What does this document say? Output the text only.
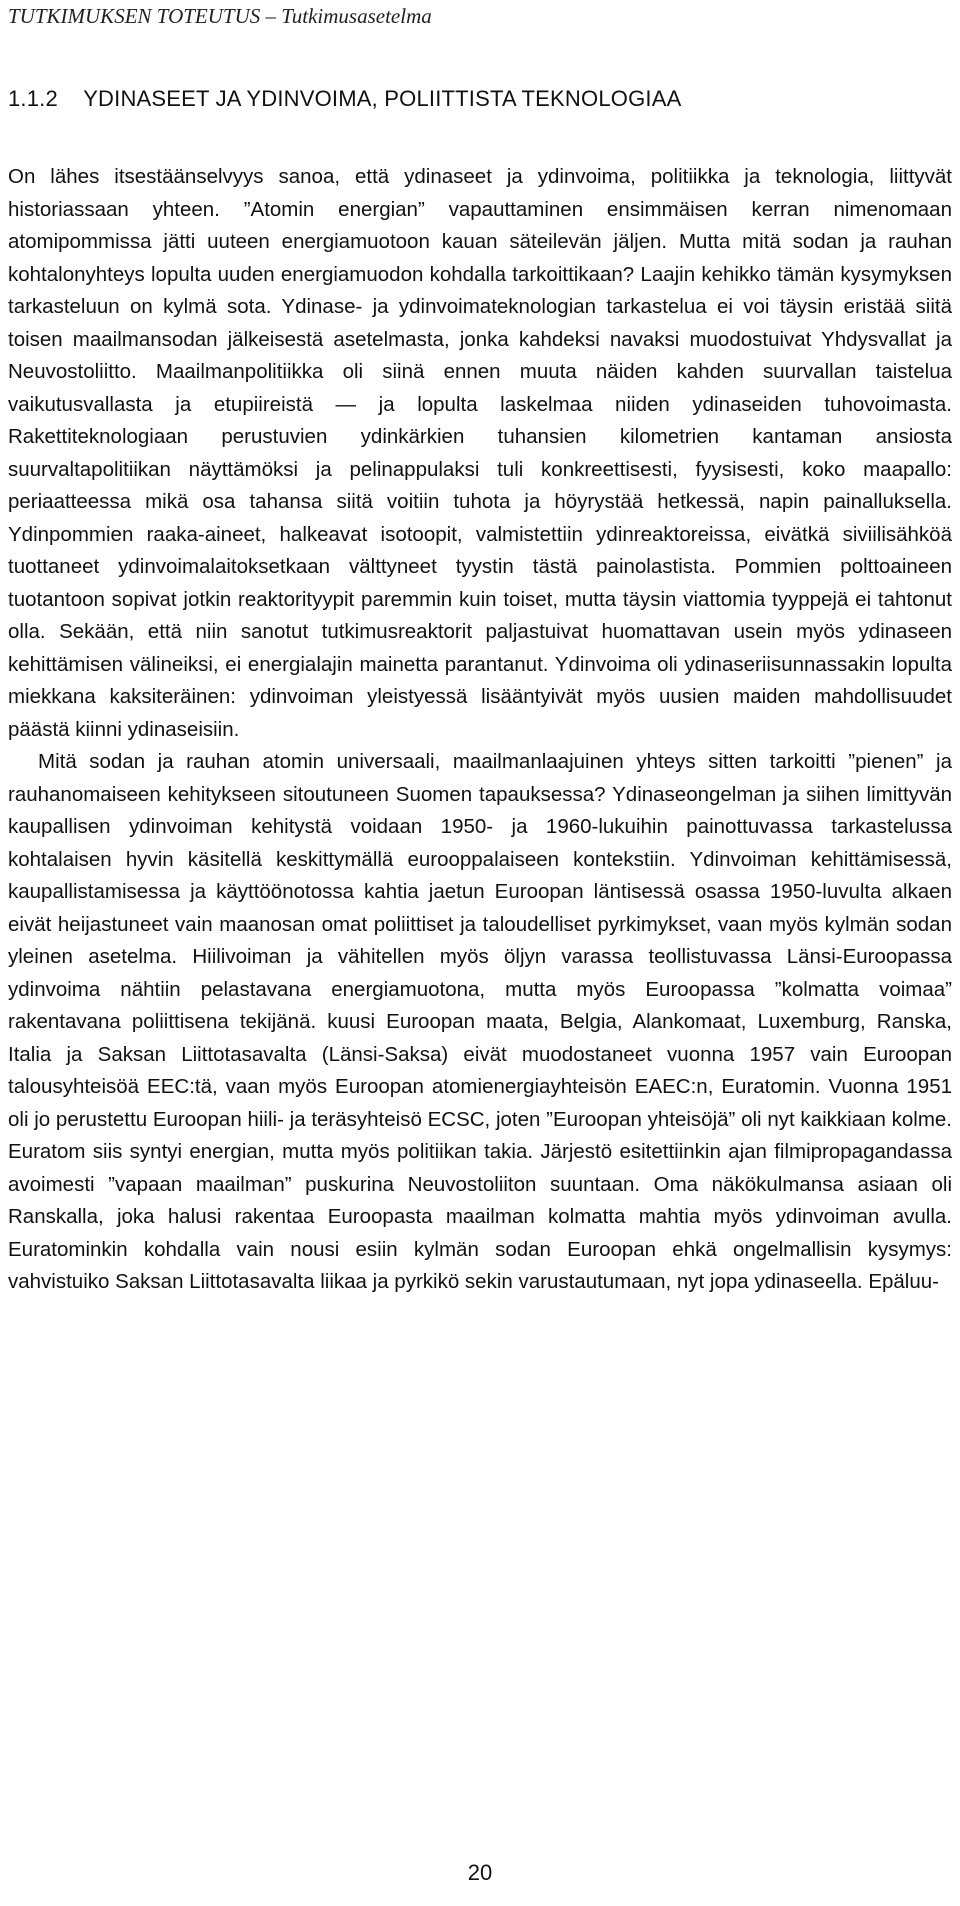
TUTKIMUKSEN TOTEUTUS – Tutkimusasetelma
1.1.2 YDINASEET JA YDINVOIMA, POLIITTISTA TEKNOLOGIAA

On lähes itsestäänselvyys sanoa, että ydinaseet ja ydinvoima, politiikka ja teknologia, liittyvät historiassaan yhteen. ”Atomin energian” vapauttaminen ensimmäisen kerran nimenomaan atomipommissa jätti uuteen energiamuotoon kauan säteilevän jäljen. Mutta mitä sodan ja rauhan kohtalonyhteys lopulta uuden energiamuodon kohdalla tarkoittikaan? Laajin kehikko tämän kysymyksen tarkasteluun on kylmä sota. Ydinase- ja ydinvoimateknologian tarkastelua ei voi täysin eristää siitä toisen maailmansodan jälkeisestä asetelmasta, jonka kahdeksi navaksi muodostuivat Yhdysvallat ja Neuvostoliitto. Maailmanpolitiikka oli siinä ennen muuta näiden kahden suurvallan taistelua vaikutusvallasta ja etupiireistä — ja lopulta laskelmaa niiden ydinaseiden tuhovoimasta. Rakettiteknologiaan perustuvien ydinkärkien tuhansien kilometrien kantaman ansiosta suurvaltapolitiikan näyttämöksi ja pelinappulaksi tuli konkreettisesti, fyysisesti, koko maapallo: periaatteessa mikä osa tahansa siitä voitiin tuhota ja höyrystää hetkessä, napin painalluksella. Ydinpommien raaka-aineet, halkeavat isotoopit, valmistettiin ydinreaktoreissa, eivätkä siviilisähköä tuottaneet ydinvoimalaitoksetkaan välttyneet tyystin tästä painolastista. Pommien polttoaineen tuotantoon sopivat jotkin reaktorityypit paremmin kuin toiset, mutta täysin viattomia tyyppejä ei tahtonut olla. Sekään, että niin sanotut tutkimusreaktorit paljastuivat huomattavan usein myös ydinaseen kehittämisen välineiksi, ei energialajin mainetta parantanut. Ydinvoima oli ydinaseriisunnassakin lopulta miekkana kaksiteräinen: ydinvoiman yleistyessä lisääntyivät myös uusien maiden mahdollisuudet päästä kiinni ydinaseisiin.

Mitä sodan ja rauhan atomin universaali, maailmanlaajuinen yhteys sitten tarkoitti ”pienen” ja rauhanomaiseen kehitykseen sitoutuneen Suomen tapauksessa? Ydinaseongelman ja siihen limittyvän kaupallisen ydinvoiman kehitystä voidaan 1950- ja 1960-lukuihin painottuvassa tarkastelussa kohtalaisen hyvin käsitellä keskittymällä eurooppalaiseen kontekstiin. Ydinvoiman kehittämisessä, kaupallistamisessa ja käyttöönotossa kahtia jaetun Euroopan läntisessä osassa 1950-luvulta alkaen eivät heijastuneet vain maanosan omat poliittiset ja taloudelliset pyrkimykset, vaan myös kylmän sodan yleinen asetelma. Hiilivoiman ja vähitellen myös öljyn varassa teollistuvassa Länsi-Euroopassa ydinvoima nähtiin pelastavana energiamuotona, mutta myös Euroopassa ”kolmatta voimaa” rakentavana poliittisena tekijänä. kuusi Euroopan maata, Belgia, Alankomaat, Luxemburg, Ranska, Italia ja Saksan Liittotasavalta (Länsi-Saksa) eivät muodostaneet vuonna 1957 vain Euroopan talousyhteisöä EEC:tä, vaan myös Euroopan atomienergiayhteisön EAEC:n, Euratomin. Vuonna 1951 oli jo perustettu Euroopan hiili- ja teräsyhteisö ECSC, joten ”Euroopan yhteisöjä” oli nyt kaikkiaan kolme. Euratom siis syntyi energian, mutta myös politiikan takia. Järjestö esitettiinkin ajan filmipropagandassa avoimesti ”vapaan maailman” puskurina Neuvostoliiton suuntaan. Oma näkökulmansa asiaan oli Ranskalla, joka halusi rakentaa Euroopasta maailman kolmatta mahtia myös ydinvoiman avulla. Euratominkin kohdalla vain nousi esiin kylmän sodan Euroopan ehkä ongelmallisin kysymys: vahvistuiko Saksan Liittotasavalta liikaa ja pyrkikö sekin varustautumaan, nyt jopa ydinaseella. Epäluu-

20
